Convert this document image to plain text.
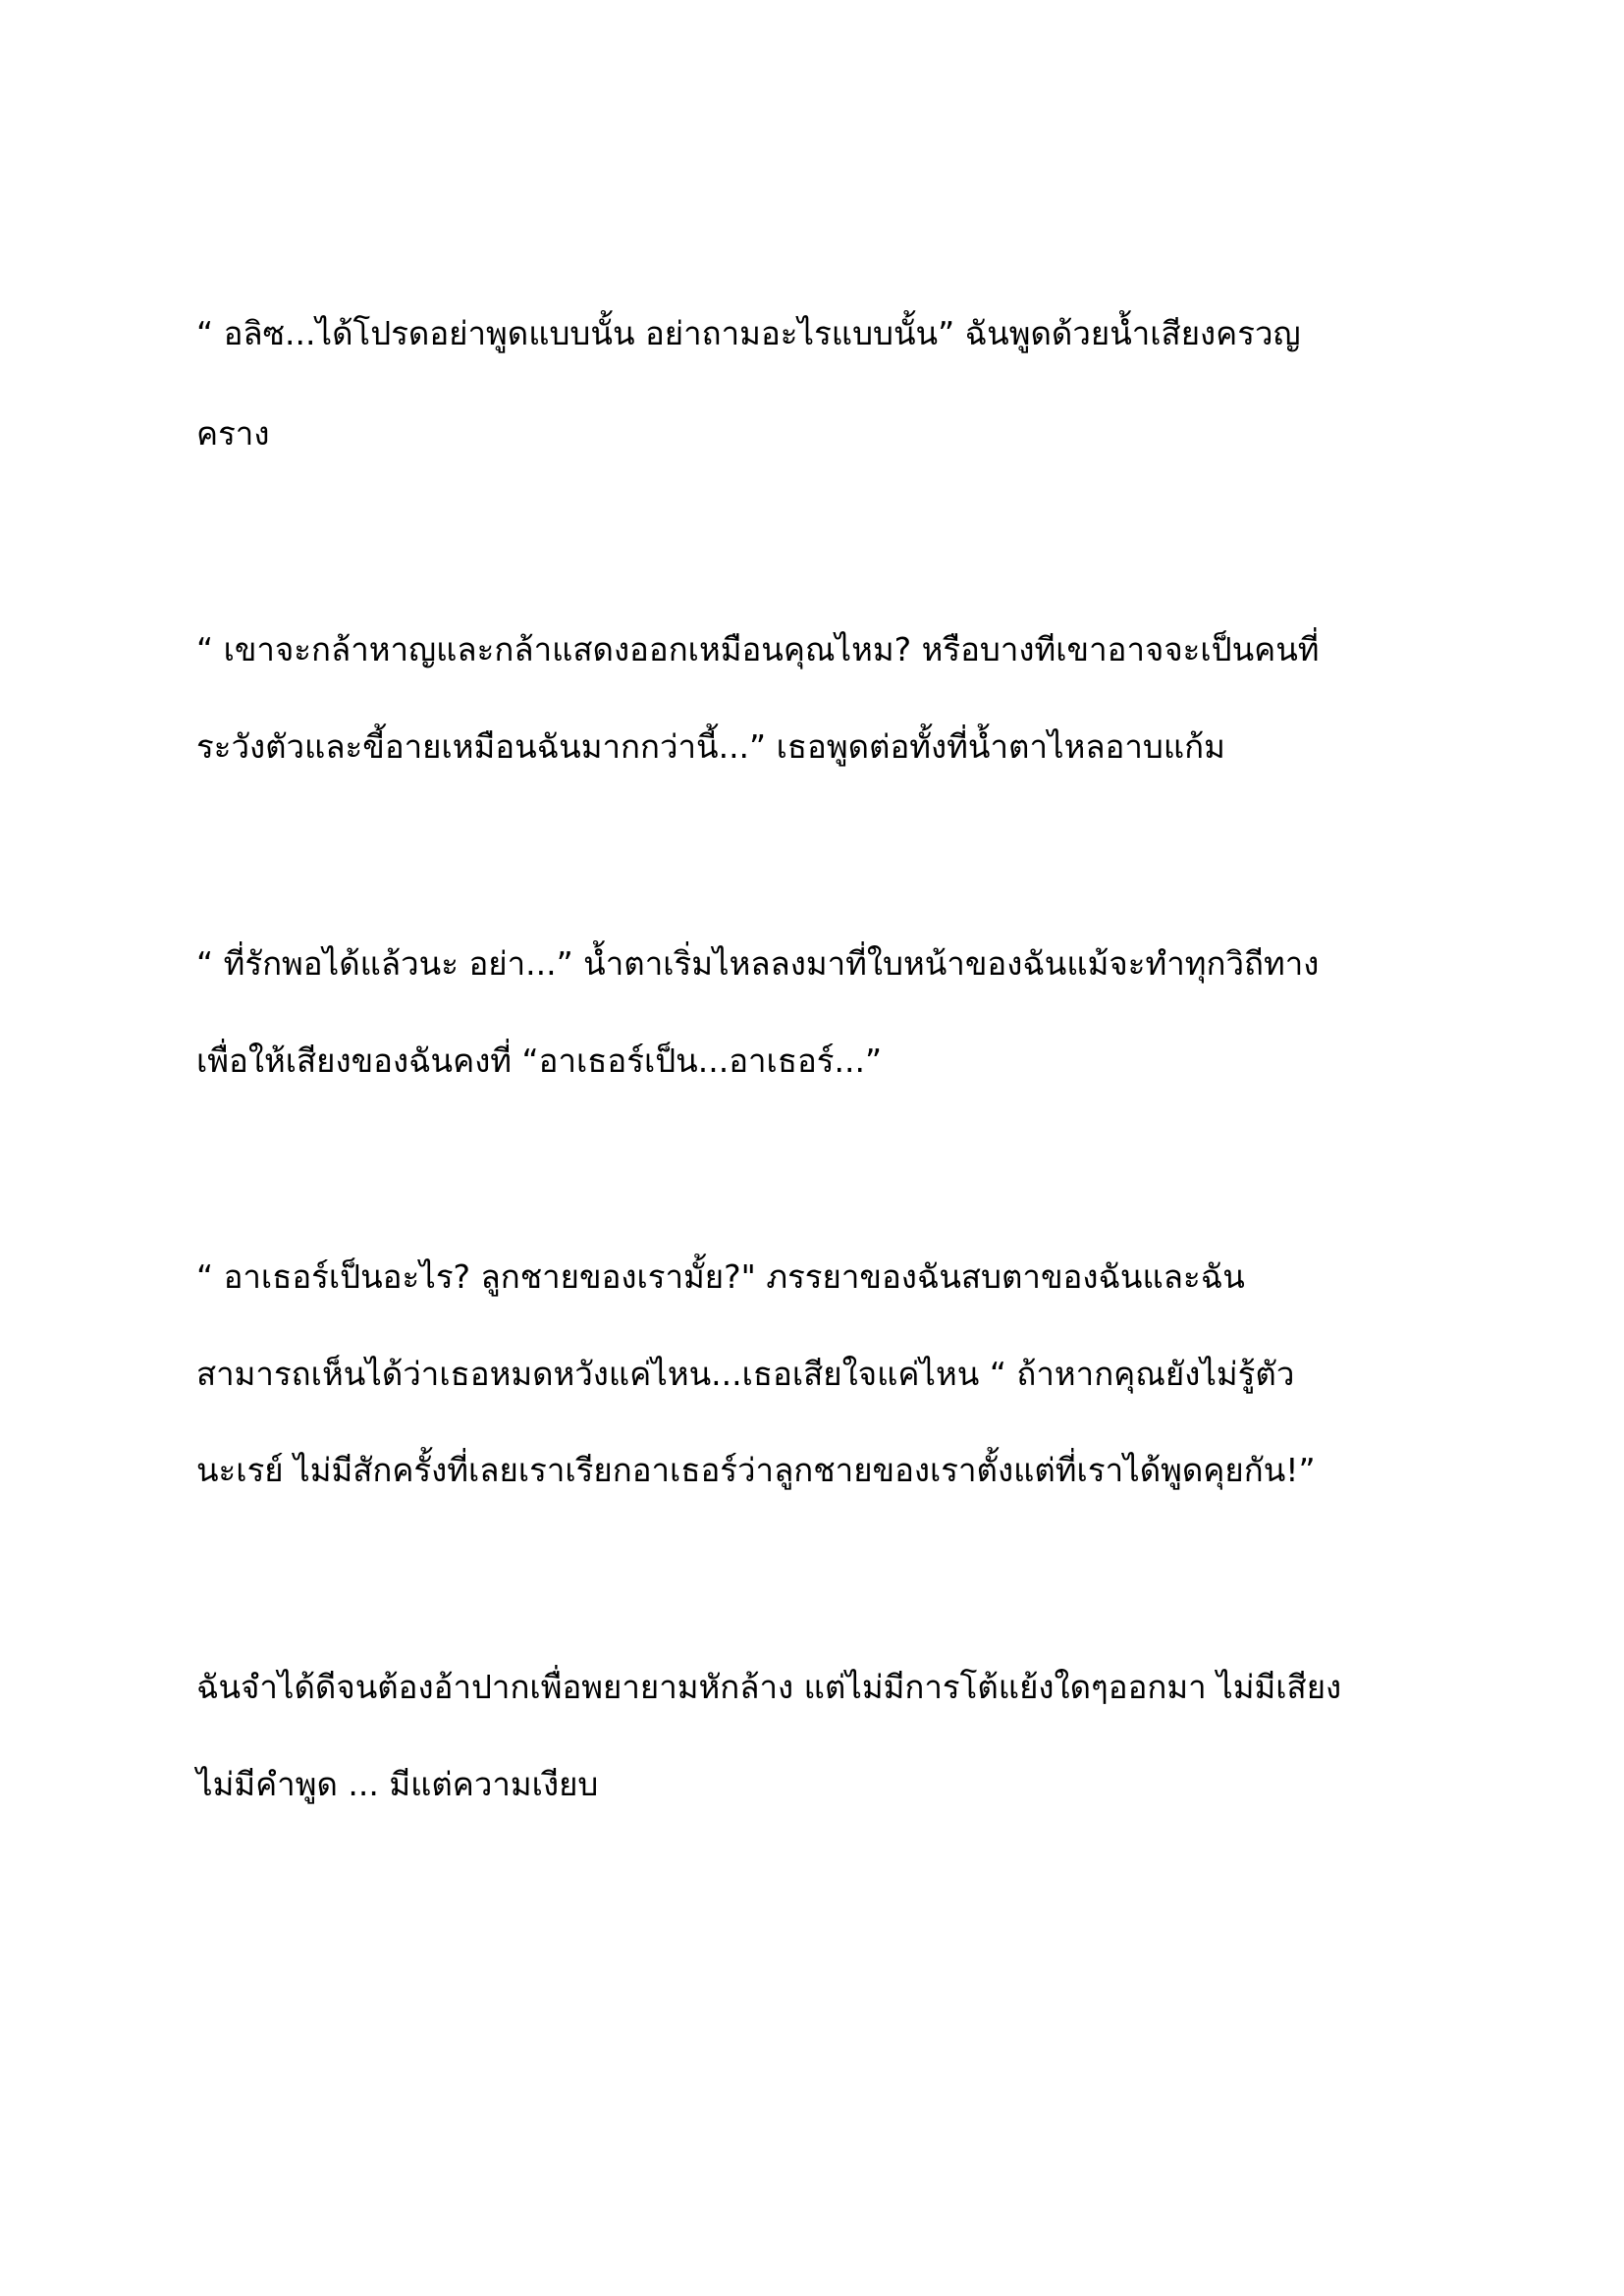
“ อลิซ...ได้โปรดอย่าพูดแบบนั้น อย่าถามอะไรแบบนั้น” ฉันพูดด้วยน้ำเสียงครวญ
คราง
“ เขาจะกล้าหาญและกล้าแสดงออกเหมือนคุณไหม? หรือบางทีเขาอาจจะเป็นคนที่
ระวังตัวและขี้อายเหมือนฉันมากกว่านี้...” เธอพูดต่อทั้งที่น้ำตาไหลอาบแก้ม
“ ที่รักพอได้แล้วนะ อย่า...” น้ำตาเริ่มไหลลงมาที่ใบหน้าของฉันแม้จะทำทุกวิถีทาง
เพื่อให้เสียงของฉันคงที่ “อาเธอร์เป็น...อาเธอร์...”
“ อาเธอร์เป็นอะไร? ลูกชายของเรามั้ย?" ภรรยาของฉันสบตาของฉันและฉัน
สามารถเห็นได้ว่าเธอหมดหวังแค่ไหน...เธอเสียใจแค่ไหน “ ถ้าหากคุณยังไม่รู้ตัว
นะเรย์ ไม่มีสักครั้งที่เลยเราเรียกอาเธอร์ว่าลูกชายของเราตั้งแต่ที่เราได้พูดคุยกัน!”
ฉันจำได้ดีจนต้องอ้าปากเพื่อพยายามหักล้าง แต่ไม่มีการโต้แย้งใดๆออกมา ไม่มีเสียง
ไม่มีคำพูด ... มีแต่ความเงียบ
